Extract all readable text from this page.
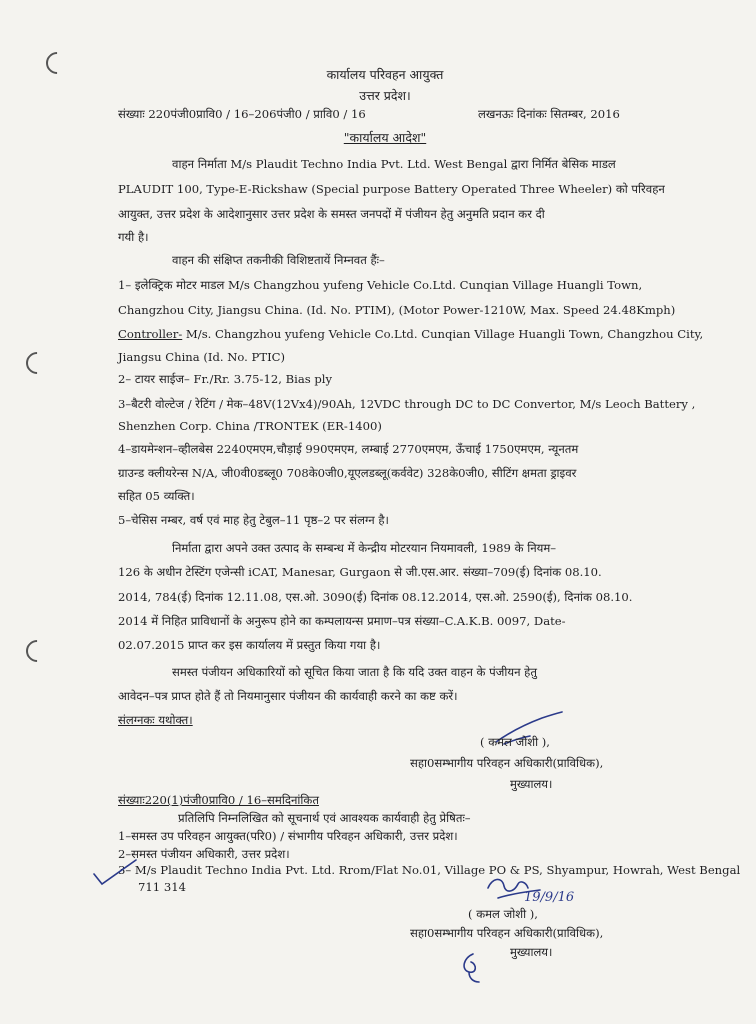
कार्यालय परिवहन आयुक्त
उत्तर प्रदेश।
संख्याः 220पंजी0प्रावि0 / 16–206पंजी0 / प्रावि0 / 16	लखनऊः दिनांकः सितम्बर, 2016
"कार्यालय आदेश"
वाहन निर्माता M/s Plaudit Techno India Pvt. Ltd. West Bengal द्वारा निर्मित बेसिक माडल
PLAUDIT 100, Type-E-Rickshaw (Special purpose Battery Operated Three Wheeler) को परिवहन
आयुक्त, उत्तर प्रदेश के आदेशानुसार उत्तर प्रदेश के समस्त जनपदों में पंजीयन हेतु अनुमति प्रदान कर दी
गयी है।
वाहन की संक्षिप्त तकनीकी विशिष्टतायें निम्नवत हैंः–
1– इलेक्ट्रिक मोटर माडल M/s Changzhou yufeng Vehicle Co.Ltd. Cunqian Village Huangli Town,
Changzhou City, Jiangsu China. (Id. No. PTIM), (Motor Power-1210W, Max. Speed 24.48Kmph)
Controller- M/s. Changzhou yufeng Vehicle Co.Ltd. Cunqian Village Huangli Town, Changzhou City,
Jiangsu China (Id. No. PTIC)
2– टायर साईज– Fr./Rr. 3.75-12, Bias ply
3–बैटरी वोल्टेज / रेटिंग / मेक–48V(12Vx4)/90Ah, 12VDC through DC to DC Convertor, M/s Leoch Battery ,
Shenzhen Corp. China /TRONTEK (ER-1400)
4–डायमेन्शन–व्हीलबेस 2240एमएम,चौड़ाई 990एमएम, लम्बाई 2770एमएम, ऊँचाई 1750एमएम, न्यूनतम
ग्राउन्ड क्लीयरेन्स N/A, जी0वी0डब्लू0 708के0जी0,यूएलडब्लू(कर्ववेट) 328के0जी0, सीटिंग क्षमता ड्राइवर
सहित 05 व्यक्ति।
5–चेसिस नम्बर, वर्ष एवं माह हेतु टेबुल–11 पृष्ठ–2 पर संलग्न है।
निर्माता द्वारा अपने उक्त उत्पाद के सम्बन्ध में केन्द्रीय मोटरयान नियमावली, 1989 के नियम–
126 के अधीन टेस्टिंग एजेन्सी iCAT, Manesar, Gurgaon से जी.एस.आर. संख्या–709(ई) दिनांक 08.10.
2014, 784(ई) दिनांक 12.11.08, एस.ओ. 3090(ई) दिनांक 08.12.2014, एस.ओ. 2590(ई), दिनांक 08.10.
2014 में निहित प्राविधानों के अनुरूप होने का कम्पलायन्स प्रमाण–पत्र संख्या–C.A.K.B. 0097, Date-
02.07.2015 प्राप्त कर इस कार्यालय में प्रस्तुत किया गया है।
समस्त पंजीयन अधिकारियों को सूचित किया जाता है कि यदि उक्त वाहन के पंजीयन हेतु
आवेदन–पत्र प्राप्त होते हैं तो नियमानुसार पंजीयन की कार्यवाही करने का कष्ट करें।
संलग्नकः यथोक्त।
( कमल जोशी ),
सहा0सम्भागीय परिवहन अधिकारी(प्राविधिक),
मुख्यालय।
संख्याः220(1)पंजी0प्रावि0 / 16–समदिनांकित
प्रतिलिपि निम्नलिखित को सूचनार्थ एवं आवश्यक कार्यवाही हेतु प्रेषितः–
1–समस्त उप परिवहन आयुक्त(परि0) / संभागीय परिवहन अधिकारी, उत्तर प्रदेश।
2–समस्त पंजीयन अधिकारी, उत्तर प्रदेश।
3– M/s Plaudit Techno India Pvt. Ltd. Rrom/Flat No.01, Village PO & PS, Shyampur, Howrah, West Bengal
711 314
19/9/16
( कमल जोशी ),
सहा0सम्भागीय परिवहन अधिकारी(प्राविधिक),
मुख्यालय।
